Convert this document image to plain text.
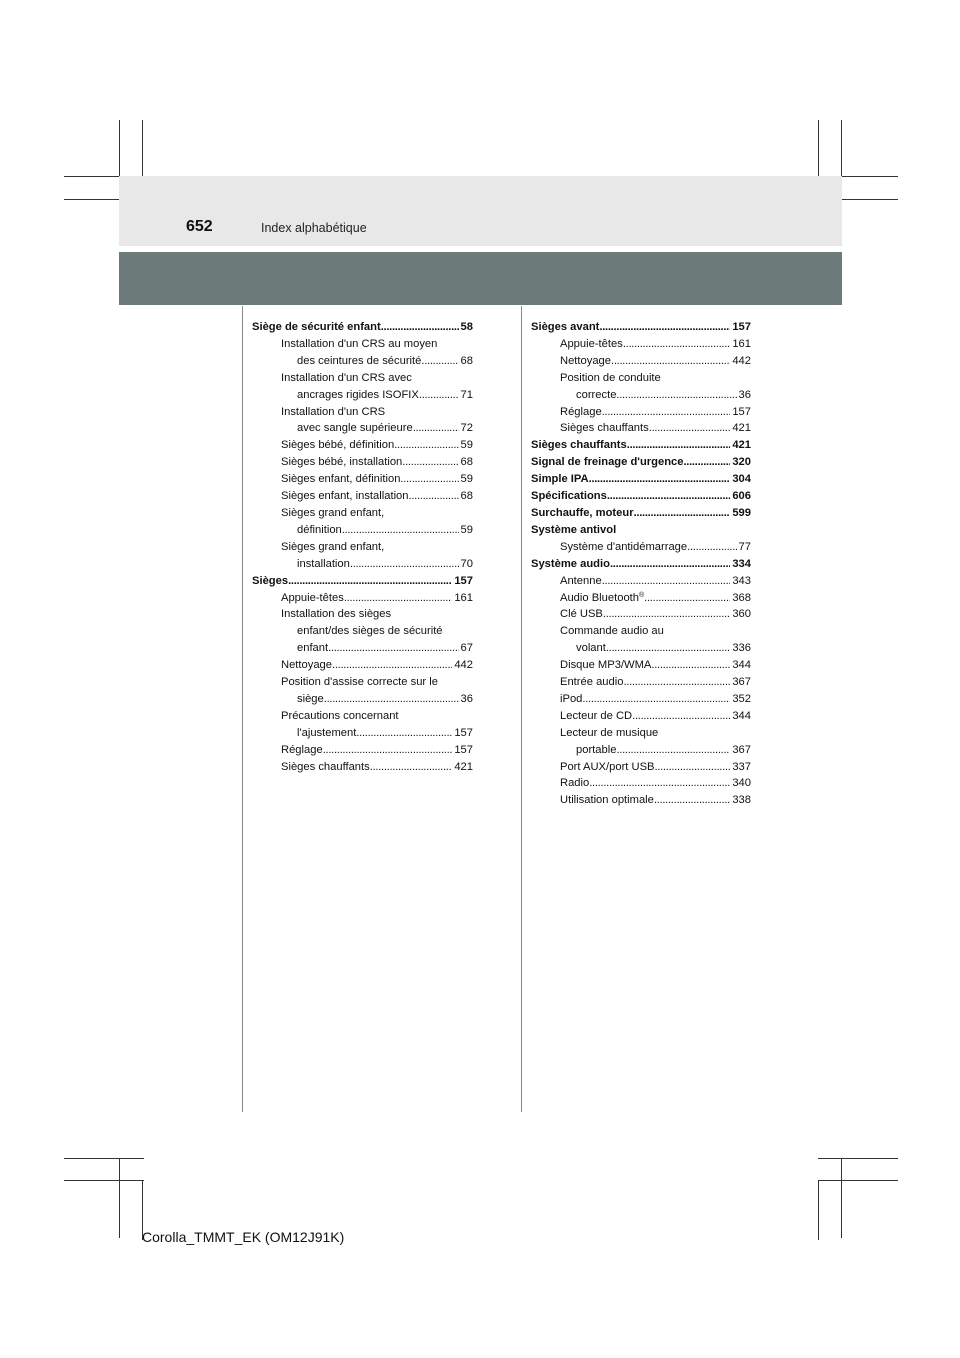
652	Index alphabétique
58
Siège de sécurité enfant
. . .
Installation d'un CRS au moyen
68
des ceintures de sécurité
. . .
Installation d'un CRS avec
71
ancrages rigides ISOFIX
. . .
Installation d'un CRS
72
avec sangle supérieure
. . .
59
Sièges bébé, définition
. . .
68
Sièges bébé, installation
. . .
59
Sièges enfant, définition
. . .
68
Sièges enfant, installation
. . .
Sièges grand enfant,
59
définition
. . .
Sièges grand enfant,
70
installation
. . .
157
Sièges
. . .
161
Appuie-têtes
. . .
Installation des sièges
enfant/des sièges de sécurité
67
enfant
. . .
442
Nettoyage
. . .
Position d'assise correcte sur le
36
siège
. . .
Précautions concernant
157
l'ajustement
. . .
157
Réglage
. . .
421
Sièges chauffants
. . .
157
Sièges avant
. . .
161
Appuie-têtes
. . .
442
Nettoyage
. . .
Position de conduite
36
correcte
. . .
157
Réglage
. . .
421
Sièges chauffants
. . .
421
Sièges chauffants
. . .
320
Signal de freinage d'urgence
. . .
304
Simple IPA
. . .
606
Spécifications
. . .
599
Surchauffe, moteur
. . .
Système antivol
77
Système d'antidémarrage
. . .
334
Système audio
. . .
343
Antenne
. . .
368
Audio Bluetooth®
. . .
360
Clé USB
. . .
Commande audio au
336
volant
. . .
344
Disque MP3/WMA
. . .
367
Entrée audio
. . .
352
iPod
. . .
344
Lecteur de CD
. . .
Lecteur de musique
367
portable
. . .
337
Port AUX/port USB
. . .
340
Radio
. . .
338
Utilisation optimale
. . .
Corolla_TMMT_EK (OM12J91K)
